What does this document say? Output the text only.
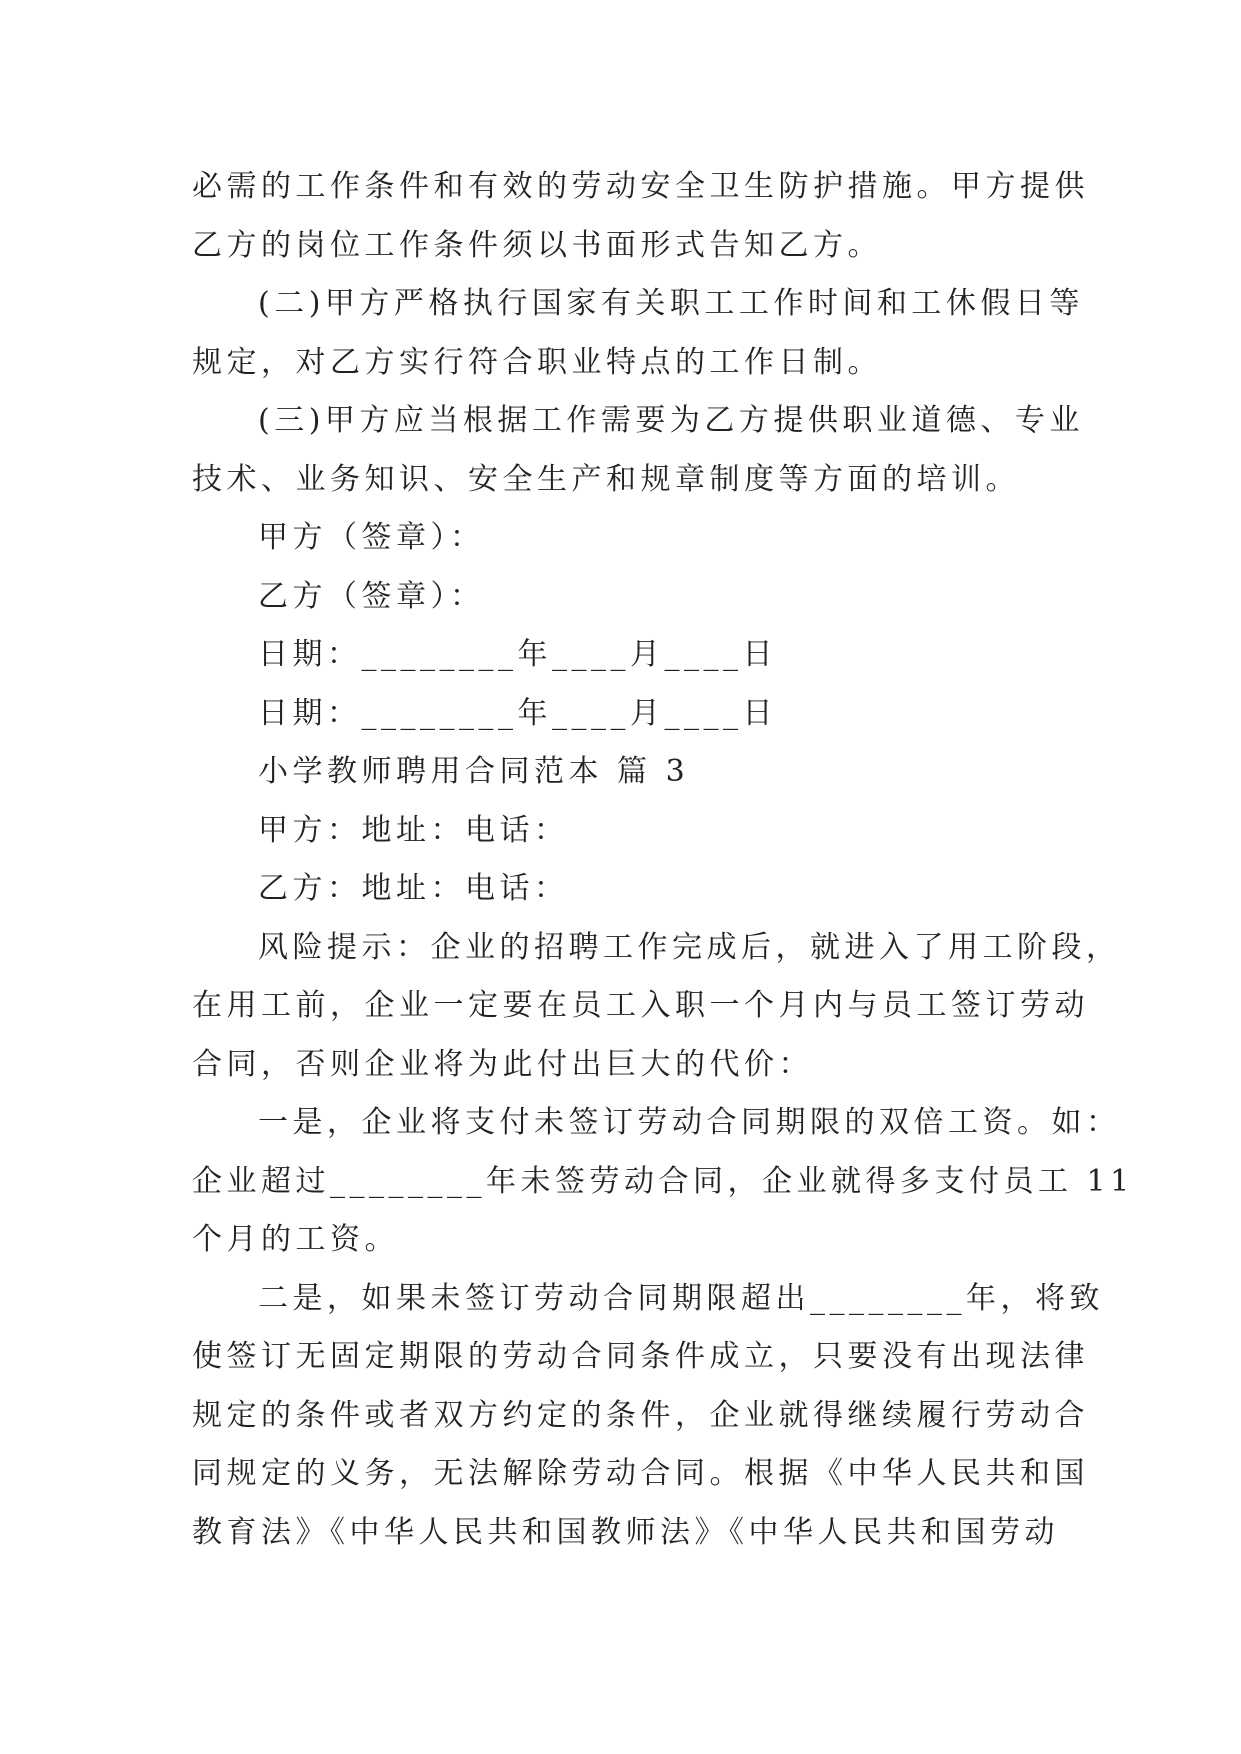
必需的工作条件和有效的劳动安全卫生防护措施。甲方提供
乙方的岗位工作条件须以书面形式告知乙方。
(二)甲方严格执行国家有关职工工作时间和工休假日等
规定，对乙方实行符合职业特点的工作日制。
(三)甲方应当根据工作需要为乙方提供职业道德、专业
技术、业务知识、安全生产和规章制度等方面的培训。
甲方（签章）：
乙方（签章）：
日期：________年____月____日
日期：________年____月____日
小学教师聘用合同范本 篇 3
甲方：地址：电话：
乙方：地址：电话：
风险提示：企业的招聘工作完成后，就进入了用工阶段，
在用工前，企业一定要在员工入职一个月内与员工签订劳动
合同，否则企业将为此付出巨大的代价：
一是，企业将支付未签订劳动合同期限的双倍工资。如：
企业超过________年未签劳动合同，企业就得多支付员工 11
个月的工资。
二是，如果未签订劳动合同期限超出________年，将致
使签订无固定期限的劳动合同条件成立，只要没有出现法律
规定的条件或者双方约定的条件，企业就得继续履行劳动合
同规定的义务，无法解除劳动合同。根据《中华人民共和国
教育法》《中华人民共和国教师法》《中华人民共和国劳动
